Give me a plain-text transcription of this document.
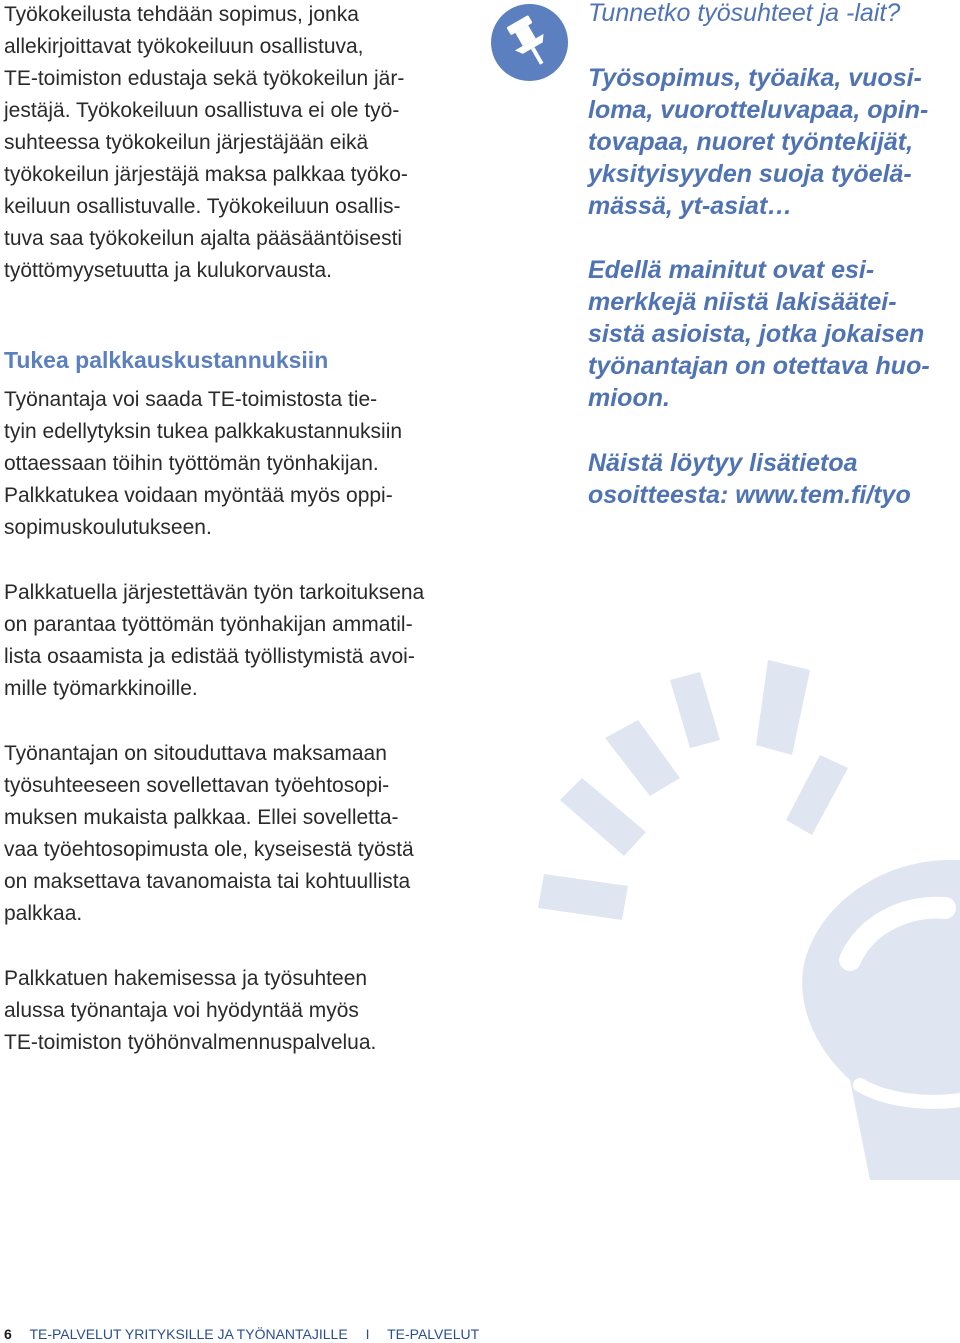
Työkokeilusta tehdään sopimus, jonka
allekirjoittavat työkokeiluun osallistuva,
TE-toimiston edustaja sekä työkokeilun jär-
jestäjä. Työkokeiluun osallistuva ei ole työ-
suhteessa työkokeilun järjestäjään eikä
työkokeilun järjestäjä maksa palkkaa työko-
keiluun osallistuvalle. Työkokeiluun osallis-
tuva saa työkokeilun ajalta pääsääntöisesti
työttömyysetuutta ja kulukorvausta.

Tukea palkkauskustannuksiin

Työnantaja voi saada TE-toimistosta tie-
tyin edellytyksin tukea palkkakustannuksiin
ottaessaan töihin työttömän työnhakijan.
Palkkatukea voidaan myöntää myös oppi-
sopimuskoulutukseen.

Palkkatuella järjestettävän työn tarkoituksena
on parantaa työttömän työnhakijan ammatil-
lista osaamista ja edistää työllistymistä avoi-
mille työmarkkinoille.

Työnantajan on sitouduttava maksamaan
työsuhteeseen sovellettavan työehtosopi-
muksen mukaista palkkaa. Ellei sovelletta-
vaa työehtosopimusta ole, kyseisestä työstä
on maksettava tavanomaista tai kohtuullista
palkkaa.

Palkkatuen hakemisessa ja työsuhteen
alussa työnantaja voi hyödyntää myös
TE-toimiston työhönvalmennuspalvelua.

Tunnetko työsuhteet ja -lait?

Työsopimus, työaika, vuosi-
loma, vuorotteluvapaa, opin-
tovapaa, nuoret työntekijät,
yksityisyyden suoja työelä-
mässä, yt-asiat…

Edellä mainitut ovat esi-
merkkejä niistä lakisäätei-
sistä asioista, jotka jokaisen
työnantajan on otettava huo-
mioon.

Näistä löytyy lisätietoa
osoitteesta: www.tem.fi/tyo

6 TE-PALVELUT YRITYKSILLE JA TYÖNANTAJILLE I TE-PALVELUT
